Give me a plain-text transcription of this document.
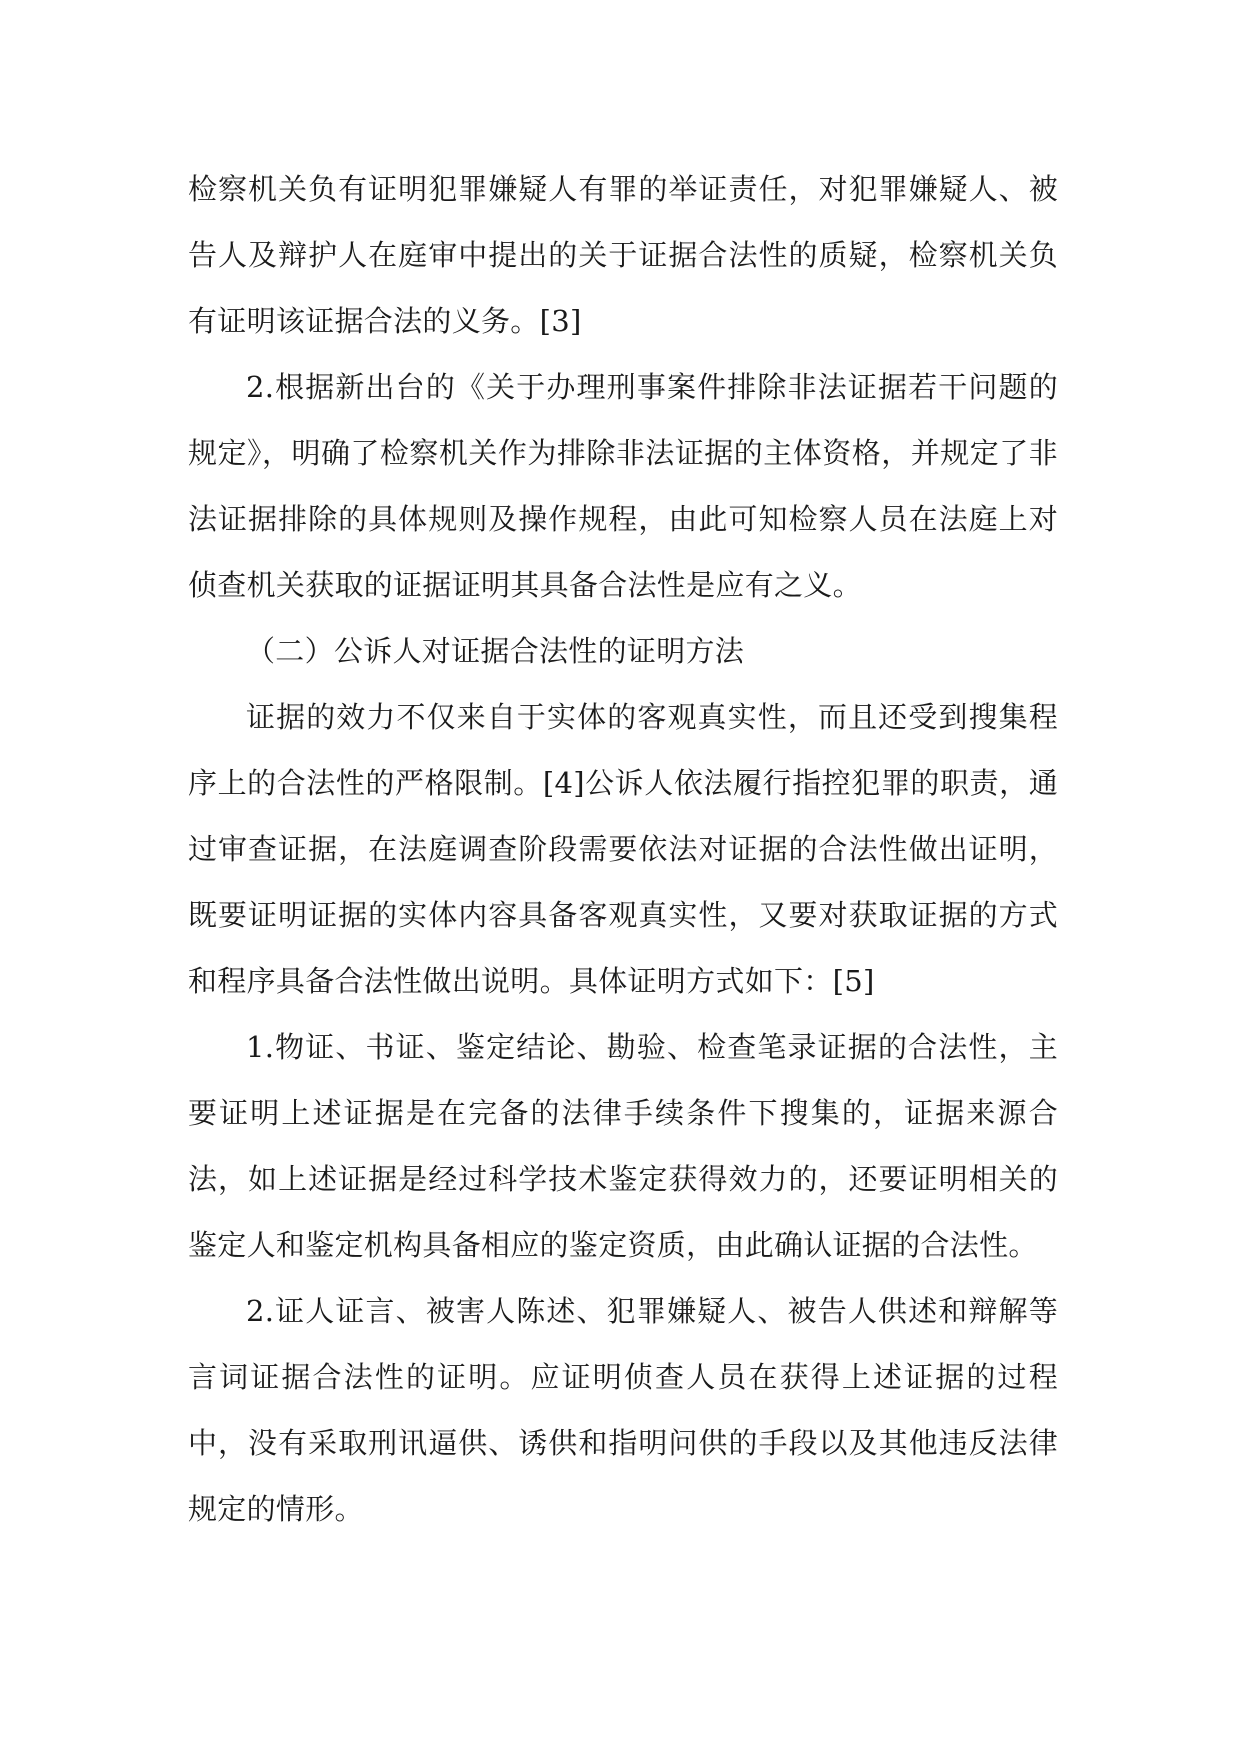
检察机关负有证明犯罪嫌疑人有罪的举证责任，对犯罪嫌疑人、被告人及辩护人在庭审中提出的关于证据合法性的质疑，检察机关负有证明该证据合法的义务。[3]

2.根据新出台的《关于办理刑事案件排除非法证据若干问题的规定》，明确了检察机关作为排除非法证据的主体资格，并规定了非法证据排除的具体规则及操作规程，由此可知检察人员在法庭上对侦查机关获取的证据证明其具备合法性是应有之义。

（二）公诉人对证据合法性的证明方法

证据的效力不仅来自于实体的客观真实性，而且还受到搜集程序上的合法性的严格限制。[4]公诉人依法履行指控犯罪的职责，通过审查证据，在法庭调查阶段需要依法对证据的合法性做出证明，既要证明证据的实体内容具备客观真实性，又要对获取证据的方式和程序具备合法性做出说明。具体证明方式如下：[5]

1.物证、书证、鉴定结论、勘验、检查笔录证据的合法性，主要证明上述证据是在完备的法律手续条件下搜集的，证据来源合法，如上述证据是经过科学技术鉴定获得效力的，还要证明相关的鉴定人和鉴定机构具备相应的鉴定资质，由此确认证据的合法性。

2.证人证言、被害人陈述、犯罪嫌疑人、被告人供述和辩解等言词证据合法性的证明。应证明侦查人员在获得上述证据的过程中，没有采取刑讯逼供、诱供和指明问供的手段以及其他违反法律规定的情形。
